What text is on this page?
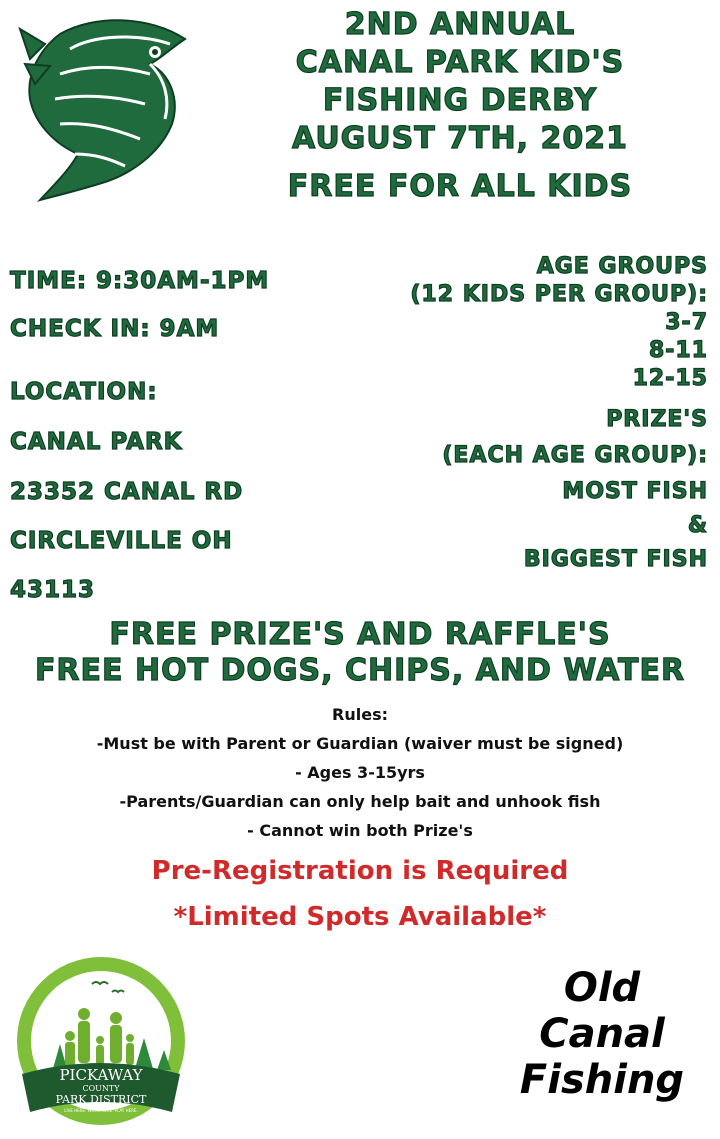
2ND ANNUAL
CANAL PARK KID'S
FISHING DERBY
AUGUST 7TH, 2021
FREE FOR ALL KIDS
TIME: 9:30AM-1PM
CHECK IN: 9AM
LOCATION:
CANAL PARK
23352 CANAL RD
CIRCLEVILLE OH
43113
AGE GROUPS
(12 KIDS PER GROUP):
3-7
8-11
12-15
PRIZE'S
(EACH AGE GROUP):
MOST FISH
&
BIGGEST FISH
FREE PRIZE'S AND RAFFLE'S
FREE HOT DOGS, CHIPS, AND WATER
Rules:
-Must be with Parent or Guardian (waiver must be signed)
- Ages 3-15yrs
-Parents/Guardian can only help bait and unhook fish
- Cannot win both Prize's
Pre-Registration is Required
*Limited Spots Available*
PICKAWAY
COUNTY
PARK DISTRICT
LIVE HERE. WORK HERE. PLAY HERE.
Old
Canal
Fishing
